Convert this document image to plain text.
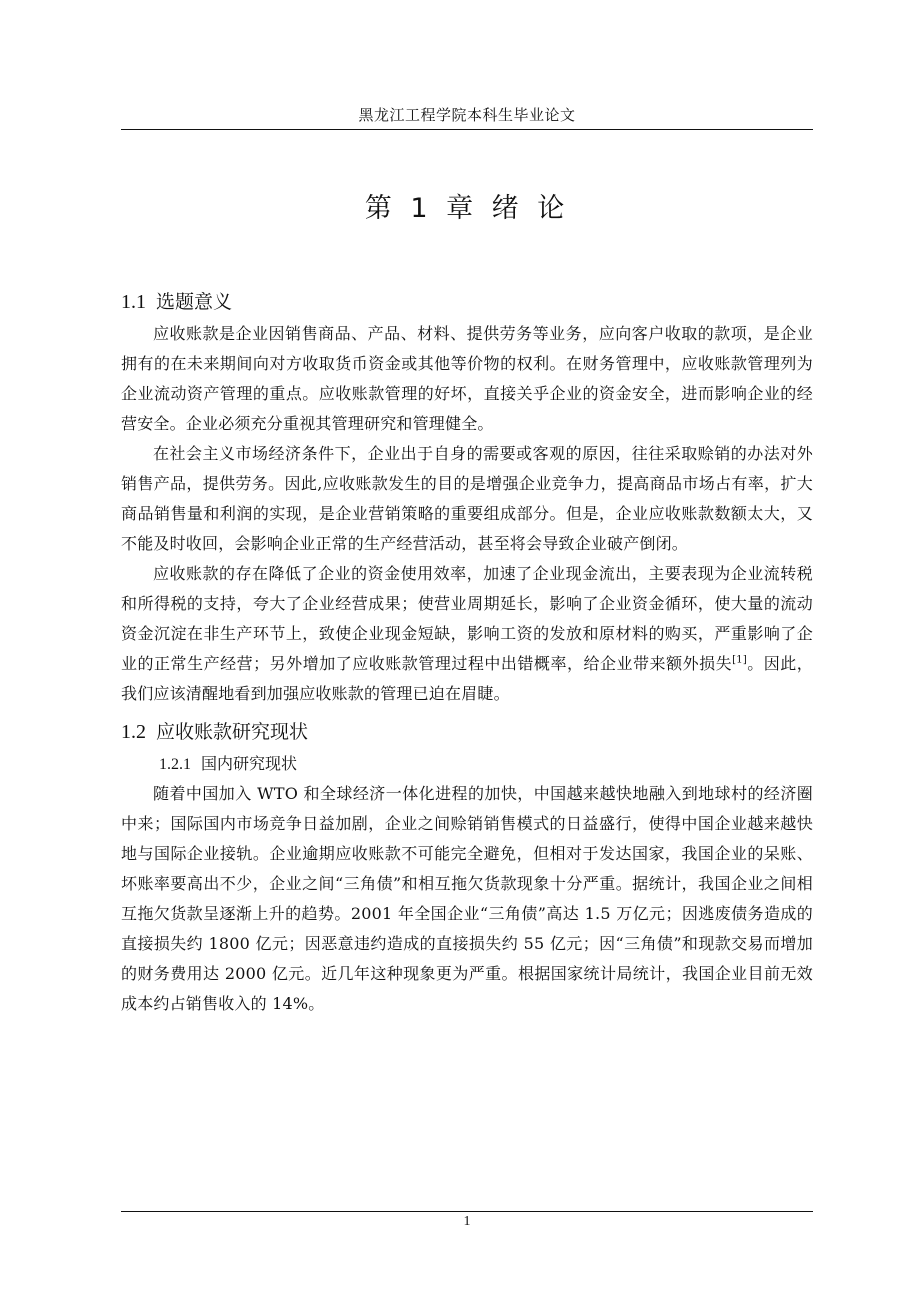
黑龙江工程学院本科生毕业论文
第 1 章 绪 论
1.1 选题意义

应收账款是企业因销售商品、产品、材料、提供劳务等业务，应向客户收取的款项，是企业拥有的在未来期间向对方收取货币资金或其他等价物的权利。在财务管理中，应收账款管理列为企业流动资产管理的重点。应收账款管理的好坏，直接关乎企业的资金安全，进而影响企业的经营安全。企业必须充分重视其管理研究和管理健全。

在社会主义市场经济条件下，企业出于自身的需要或客观的原因，往往采取赊销的办法对外销售产品，提供劳务。因此,应收账款发生的目的是增强企业竞争力，提高商品市场占有率，扩大商品销售量和利润的实现，是企业营销策略的重要组成部分。但是，企业应收账款数额太大，又不能及时收回，会影响企业正常的生产经营活动，甚至将会导致企业破产倒闭。

应收账款的存在降低了企业的资金使用效率，加速了企业现金流出，主要表现为企业流转税和所得税的支持，夸大了企业经营成果；使营业周期延长，影响了企业资金循环，使大量的流动资金沉淀在非生产环节上，致使企业现金短缺，影响工资的发放和原材料的购买，严重影响了企业的正常生产经营；另外增加了应收账款管理过程中出错概率，给企业带来额外损失[1]。因此，我们应该清醒地看到加强应收账款的管理已迫在眉睫。

1.2 应收账款研究现状
1.2.1 国内研究现状

随着中国加入 WTO 和全球经济一体化进程的加快，中国越来越快地融入到地球村的经济圈中来；国际国内市场竞争日益加剧，企业之间赊销销售模式的日益盛行，使得中国企业越来越快地与国际企业接轨。企业逾期应收账款不可能完全避免，但相对于发达国家，我国企业的呆账、坏账率要高出不少，企业之间“三角债”和相互拖欠货款现象十分严重。据统计，我国企业之间相互拖欠货款呈逐渐上升的趋势。2001 年全国企业“三角债”高达 1.5 万亿元；因逃废债务造成的直接损失约 1800 亿元；因恶意违约造成的直接损失约 55 亿元；因“三角债”和现款交易而增加的财务费用达 2000 亿元。近几年这种现象更为严重。根据国家统计局统计，我国企业目前无效成本约占销售收入的 14%。

1
